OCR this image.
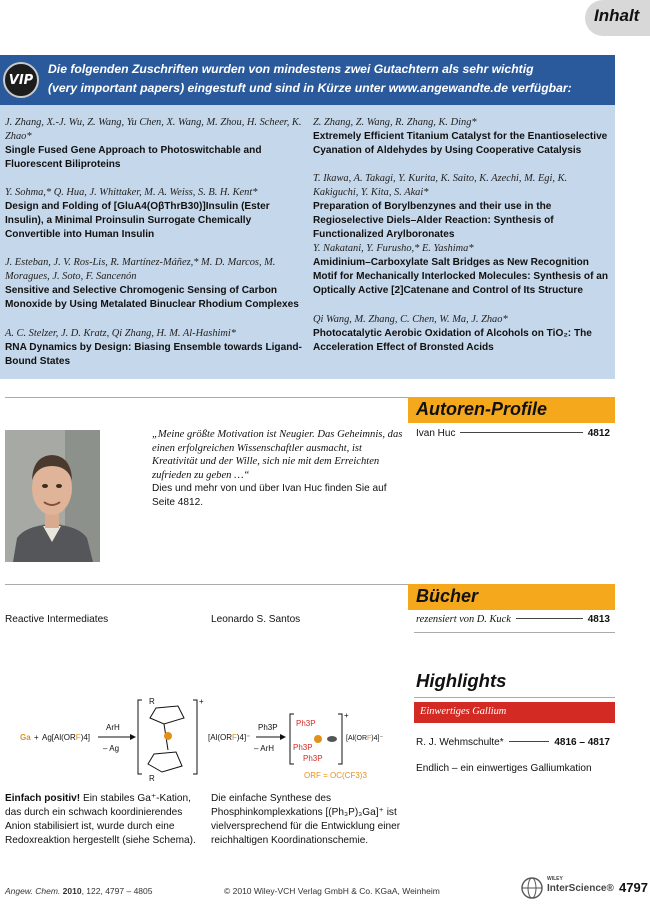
Inhalt
VIP
Die folgenden Zuschriften wurden von mindestens zwei Gutachtern als sehr wichtig
(very important papers) eingestuft und sind in Kürze unter www.angewandte.de verfügbar:
J. Zhang, X.-J. Wu, Z. Wang, Yu Chen, X. Wang, M. Zhou, H. Scheer, K. Zhao*
Single Fused Gene Approach to Photoswitchable and Fluorescent Biliproteins
Y. Sohma,* Q. Hua, J. Whittaker, M. A. Weiss, S. B. H. Kent*
Design and Folding of [GluA4(OβThrB30)]Insulin (Ester Insulin), a Minimal Proinsulin Surrogate Chemically Convertible into Human Insulin
J. Esteban, J. V. Ros-Lis, R. Martínez-Máñez,* M. D. Marcos, M. Moragues, J. Soto, F. Sancenón
Sensitive and Selective Chromogenic Sensing of Carbon Monoxide by Using Metalated Binuclear Rhodium Complexes
A. C. Stelzer, J. D. Kratz, Qi Zhang, H. M. Al-Hashimi*
RNA Dynamics by Design: Biasing Ensemble towards Ligand-Bound States
Z. Zhang, Z. Wang, R. Zhang, K. Ding*
Extremely Efficient Titanium Catalyst for the Enantioselective Cyanation of Aldehydes by Using Cooperative Catalysis
T. Ikawa, A. Takagi, Y. Kurita, K. Saito, K. Azechi, M. Egi, K. Kakiguchi, Y. Kita, S. Akai*
Preparation of Borylbenzynes and their use in the Regioselective Diels–Alder Reaction: Synthesis of Functionalized Arylboronates
Y. Nakatani, Y. Furusho,* E. Yashima*
Amidinium–Carboxylate Salt Bridges as New Recognition Motif for Mechanically Interlocked Molecules: Synthesis of an Optically Active [2]Catenane and Control of Its Structure
Qi Wang, M. Zhang, C. Chen, W. Ma, J. Zhao*
Photocatalytic Aerobic Oxidation of Alcohols on TiO₂: The Acceleration Effect of Bronsted Acids
Autoren-Profile
„Meine größte Motivation ist Neugier. Das Geheimnis, das einen erfolgreichen Wissenschaftler ausmacht, ist Kreativität und der Wille, sich nie mit dem Erreichten zufrieden zu geben …“
Dies und mehr von und über Ivan Huc finden Sie auf Seite 4812.
Ivan Huc	4812
Bücher
Reactive Intermediates	Leonardo S. Santos	rezensiert von D. Kuck	4813
Highlights
Einwertiges Gallium
R. J. Wehmschulte*	4816 – 4817
Endlich – ein einwertiges Galliumkation
Ga + Ag[Al(ORF)4]
ArH
– Ag
+
R
R
[Al(ORF)4]⁻
Ph3P
– ArH
+
Ph3P
Ph3P
Ph3P
[Al(ORF)4]⁻
ORF = OC(CF3)3
Einfach positiv! Ein stabiles Ga⁺-Kation, das durch ein schwach koordinierendes Anion stabilisiert ist, wurde durch eine Redoxreaktion hergestellt (siehe Schema).
Die einfache Synthese des Phosphinkomplexkations [(Ph₃P)₃Ga]⁺ ist vielversprechend für die Entwicklung einer reichhaltigen Koordinationschemie.
Angew. Chem. 2010, 122, 4797 – 4805	© 2010 Wiley-VCH Verlag GmbH & Co. KGaA, Weinheim
WILEY
InterScience® 4797
